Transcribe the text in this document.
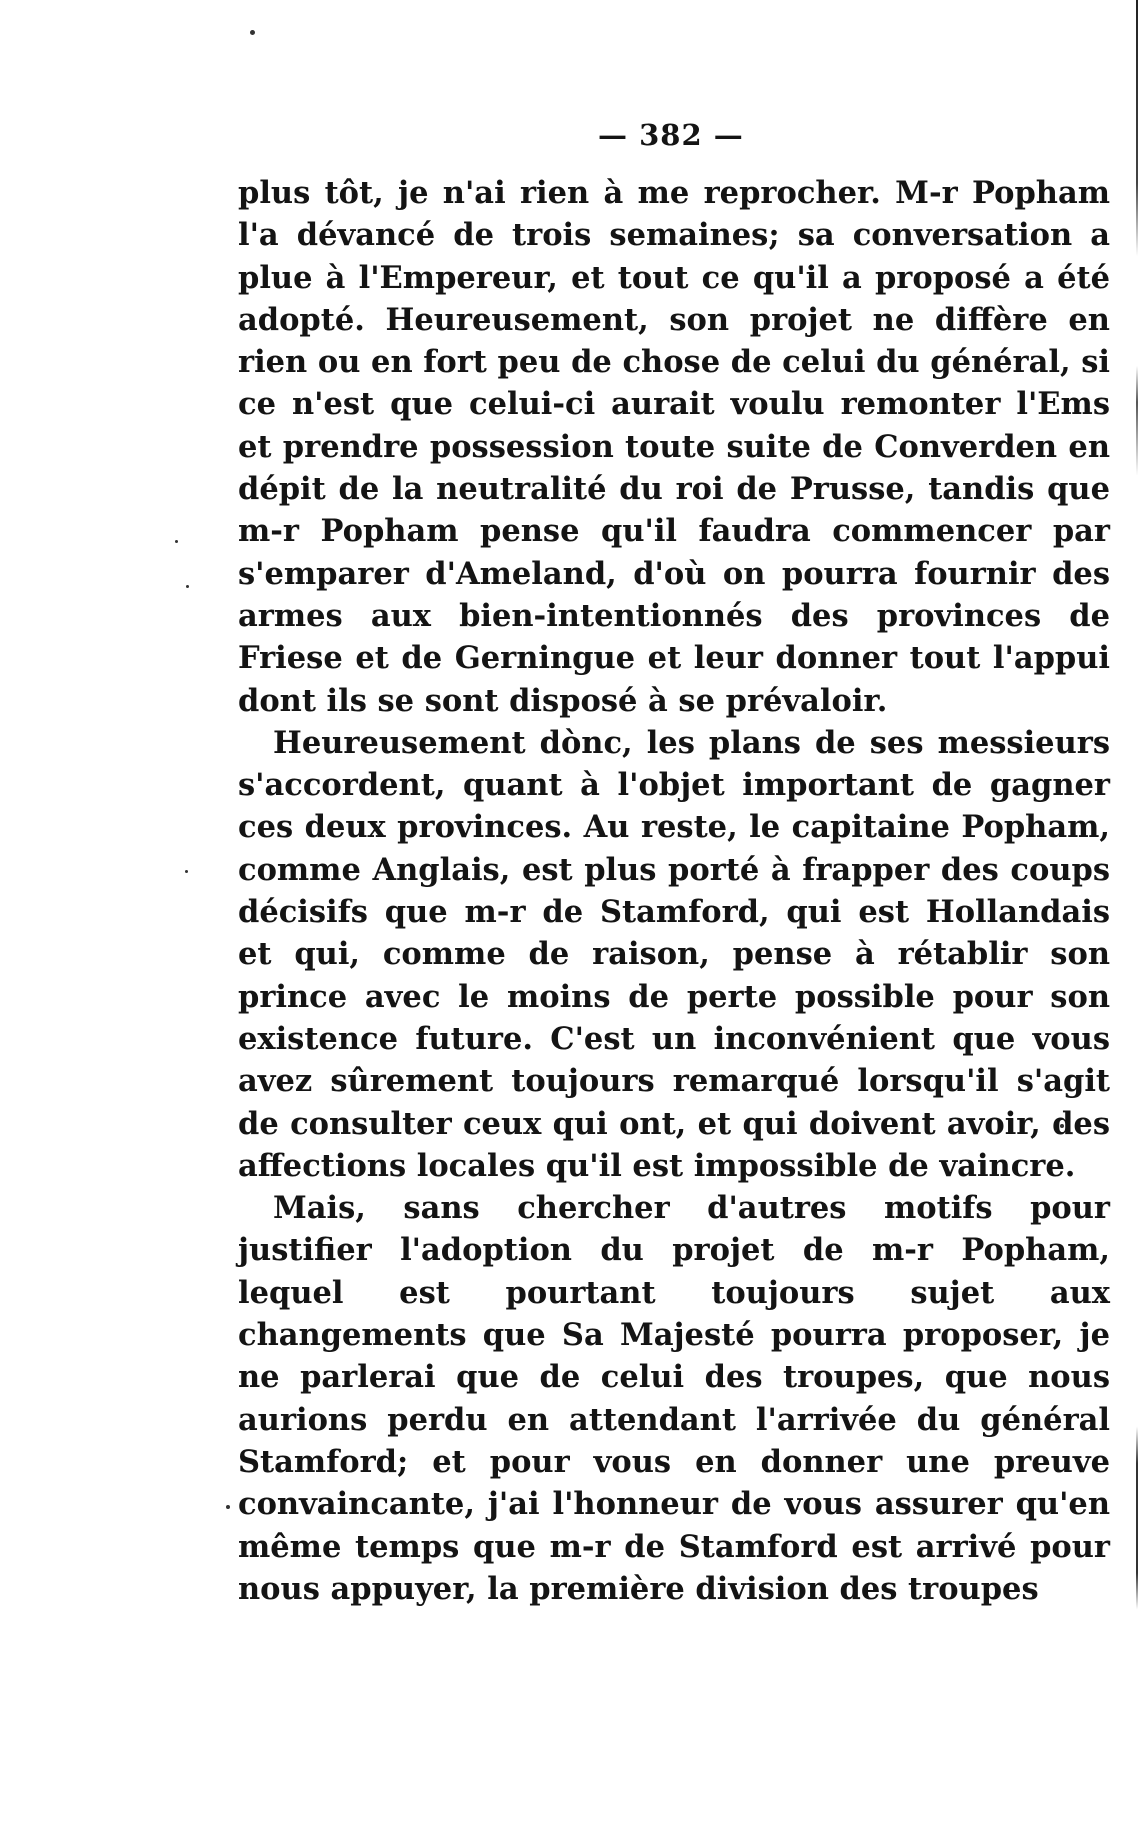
— 382 —

plus tôt, je n'ai rien à me reprocher. M-r Popham l'a dévancé de trois semaines; sa conversation a plue à l'Empereur, et tout ce qu'il a proposé a été adopté. Heureusement, son projet ne diffère en rien ou en fort peu de chose de celui du général, si ce n'est que celui-ci aurait voulu remonter l'Ems et prendre possession toute suite de Converden en dépit de la neutralité du roi de Prusse, tandis que m-r Popham pense qu'il faudra commencer par s'emparer d'Ameland, d'où on pourra fournir des armes aux bien-intentionnés des provinces de Friese et de Gerningue et leur donner tout l'appui dont ils se sont disposé à se prévaloir.

Heureusement dònc, les plans de ses messieurs s'accordent, quant à l'objet important de gagner ces deux provinces. Au reste, le capitaine Popham, comme Anglais, est plus porté à frapper des coups décisifs que m-r de Stamford, qui est Hollandais et qui, comme de raison, pense à rétablir son prince avec le moins de perte possible pour son existence future. C'est un inconvénient que vous avez sûrement toujours remarqué lorsqu'il s'agit de consulter ceux qui ont, et qui doivent avoir, des affections locales qu'il est impossible de vaincre.

Mais, sans chercher d'autres motifs pour justifier l'adoption du projet de m-r Popham, lequel est pourtant toujours sujet aux changements que Sa Majesté pourra proposer, je ne parlerai que de celui des troupes, que nous aurions perdu en attendant l'arrivée du général Stamford; et pour vous en donner une preuve convaincante, j'ai l'honneur de vous assurer qu'en même temps que m-r de Stamford est arrivé pour nous appuyer, la première division des troupes
